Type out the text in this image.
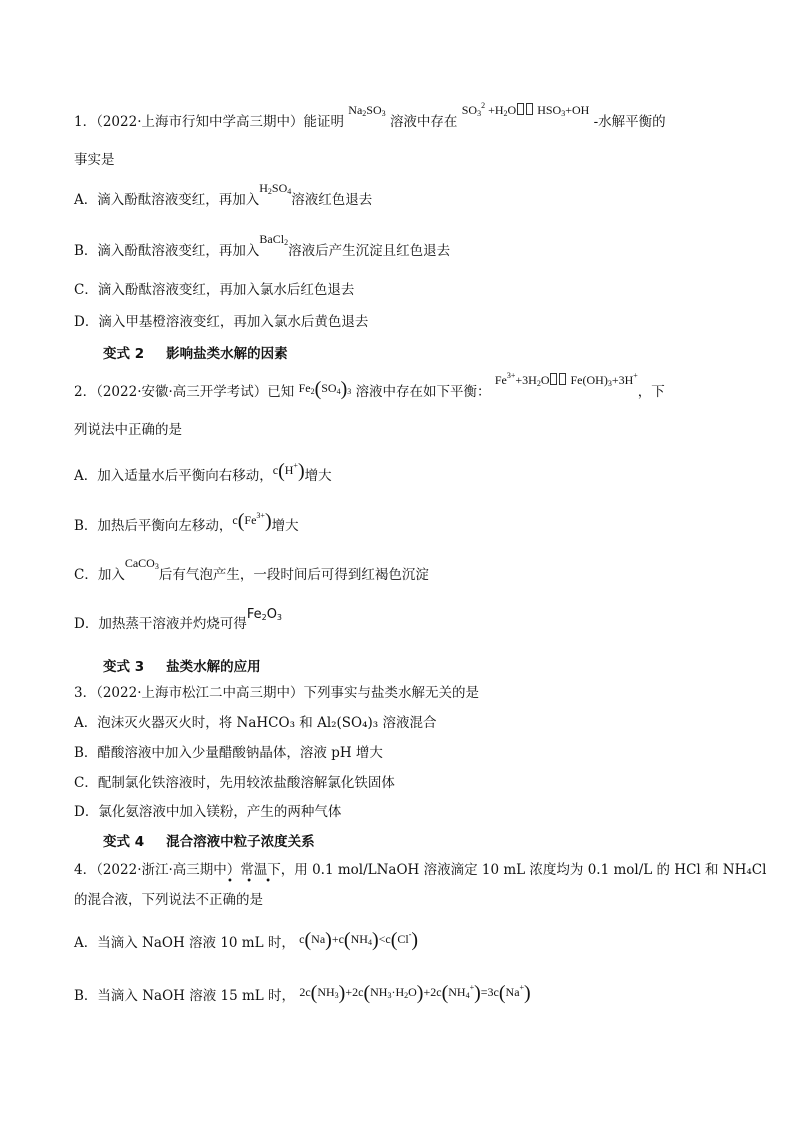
1．（2022·上海市行知中学高三期中）能证明 $Na_2SO_3$ 溶液中存在 $SO_3^2 +H_2O$ $HSO_3+OH$ -水解平衡的
事实是
A．滴入酚酞溶液变红，再加入$H_2SO_4$溶液红色退去
B．滴入酚酞溶液变红，再加入BaCl$_2$溶液后产生沉淀且红色退去
C．滴入酚酞溶液变红，再加入氯水后红色退去
D．滴入甲基橙溶液变红，再加入氯水后黄色退去
变式 2 影响盐类水解的因素
2．（2022·安徽·高三开学考试）已知 $Fe_2(SO_4)_3$ 溶液中存在如下平衡： $Fe^{3+}+3H_2O$ $Fe(OH)_3+3H^+$，下
列说法中正确的是
A．加入适量水后平衡向右移动，c(H+)增大
B．加热后平衡向左移动，$c(Fe^{3+})$增大
C．加入CaCO$_3$后有气泡产生，一段时间后可得到红褐色沉淀
D．加热蒸干溶液并灼烧可得$Fe_2O_3$
变式 3 盐类水解的应用
3．（2022·上海市松江二中高三期中）下列事实与盐类水解无关的是
A．泡沫灭火器灭火时，将 NaHCO₃ 和 Al₂(SO₄)₃ 溶液混合
B．醋酸溶液中加入少量醋酸钠晶体，溶液 pH 增大
C．配制氯化铁溶液时，先用较浓盐酸溶解氯化铁固体
D．氯化氨溶液中加入镁粉，产生的两种气体
变式 4 混合溶液中粒子浓度关系
4．（2022·浙江·高三期中）常温下，用 0.1 mol/LNaOH 溶液滴定 10 mL 浓度均为 0.1 mol/L 的 HCl 和 NH₄Cl
• • •
的混合液，下列说法不正确的是
A．当滴入 NaOH 溶液 10 mL 时， $c(Na)+c(NH_4)<c(Cl^-)$
B．当滴入 NaOH 溶液 15 mL 时， $2c(NH_3)+2c(NH_3\cdot H_2O)+2c(NH_4^+)=3c(Na^+)$
